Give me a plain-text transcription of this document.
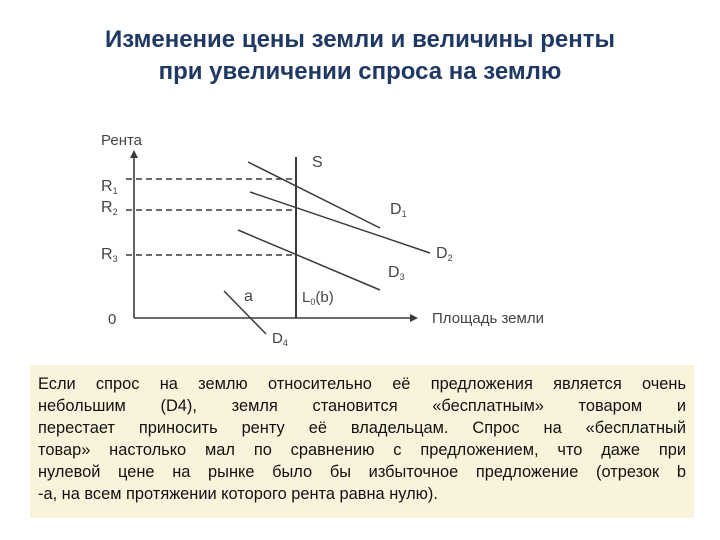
Изменение цены земли и величины ренты
при увеличении спроса на землю
Рента
R1
R2
R3
0
S
$L_0(b)$
D1
D2
D3
$D_4$
a
Площадь земли
Если спрос на землю относительно её предложения является очень
небольшим (D4), земля становится «бесплатным» товаром и
перестает приносить ренту её владельцам. Спрос на «бесплатный
товар» настолько мал по сравнению с предложением, что даже при
нулевой цене на рынке было бы избыточное предложение (отрезок b
-a, на всем протяжении которого рента равна нулю).
